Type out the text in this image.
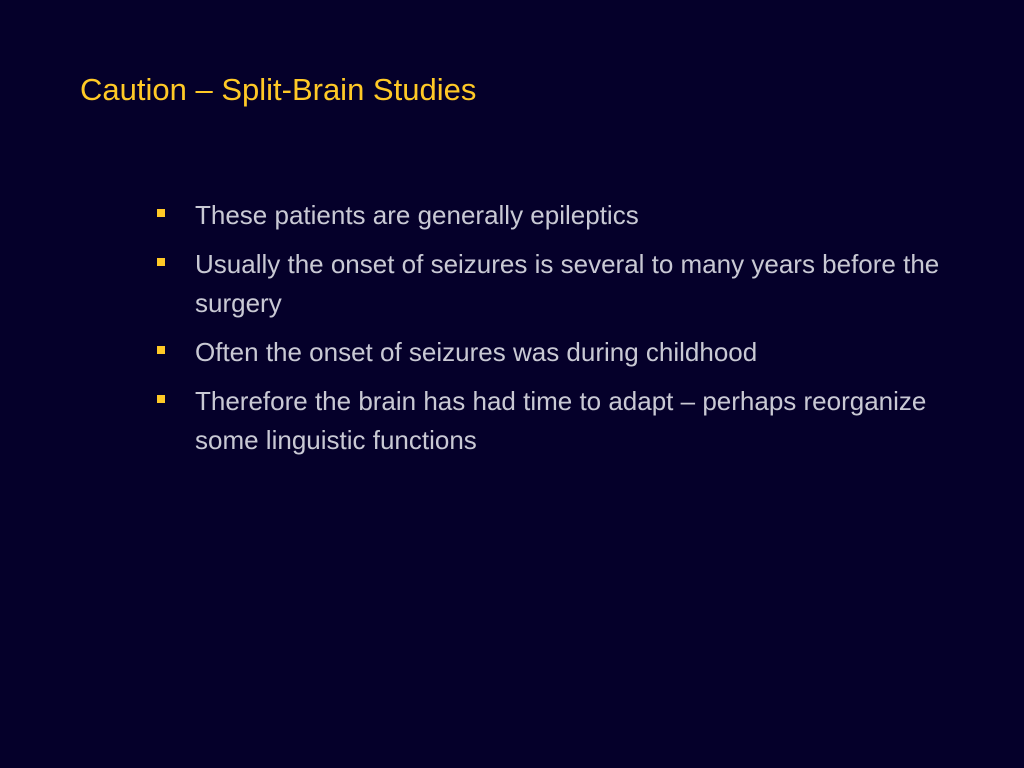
Caution – Split-Brain Studies
These patients are generally epileptics
Usually the onset of seizures is several to many years before the surgery
Often the onset of seizures was during childhood
Therefore the brain has had time to adapt – perhaps reorganize some linguistic functions
